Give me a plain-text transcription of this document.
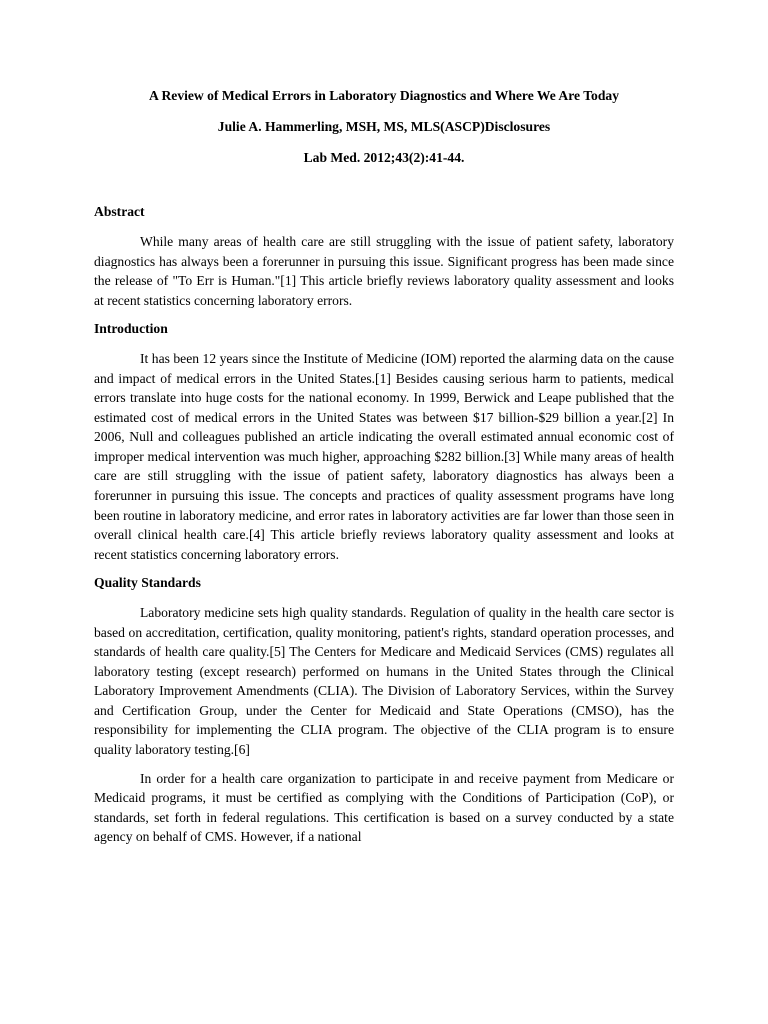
A Review of Medical Errors in Laboratory Diagnostics and Where We Are Today

Julie A. Hammerling, MSH, MS, MLS(ASCP)Disclosures

Lab Med. 2012;43(2):41-44.

Abstract

While many areas of health care are still struggling with the issue of patient safety, laboratory diagnostics has always been a forerunner in pursuing this issue. Significant progress has been made since the release of "To Err is Human."[1] This article briefly reviews laboratory quality assessment and looks at recent statistics concerning laboratory errors.

Introduction

It has been 12 years since the Institute of Medicine (IOM) reported the alarming data on the cause and impact of medical errors in the United States.[1] Besides causing serious harm to patients, medical errors translate into huge costs for the national economy. In 1999, Berwick and Leape published that the estimated cost of medical errors in the United States was between $17 billion-$29 billion a year.[2] In 2006, Null and colleagues published an article indicating the overall estimated annual economic cost of improper medical intervention was much higher, approaching $282 billion.[3] While many areas of health care are still struggling with the issue of patient safety, laboratory diagnostics has always been a forerunner in pursuing this issue. The concepts and practices of quality assessment programs have long been routine in laboratory medicine, and error rates in laboratory activities are far lower than those seen in overall clinical health care.[4] This article briefly reviews laboratory quality assessment and looks at recent statistics concerning laboratory errors.

Quality Standards

Laboratory medicine sets high quality standards. Regulation of quality in the health care sector is based on accreditation, certification, quality monitoring, patient's rights, standard operation processes, and standards of health care quality.[5] The Centers for Medicare and Medicaid Services (CMS) regulates all laboratory testing (except research) performed on humans in the United States through the Clinical Laboratory Improvement Amendments (CLIA). The Division of Laboratory Services, within the Survey and Certification Group, under the Center for Medicaid and State Operations (CMSO), has the responsibility for implementing the CLIA program. The objective of the CLIA program is to ensure quality laboratory testing.[6]

In order for a health care organization to participate in and receive payment from Medicare or Medicaid programs, it must be certified as complying with the Conditions of Participation (CoP), or standards, set forth in federal regulations. This certification is based on a survey conducted by a state agency on behalf of CMS. However, if a national
